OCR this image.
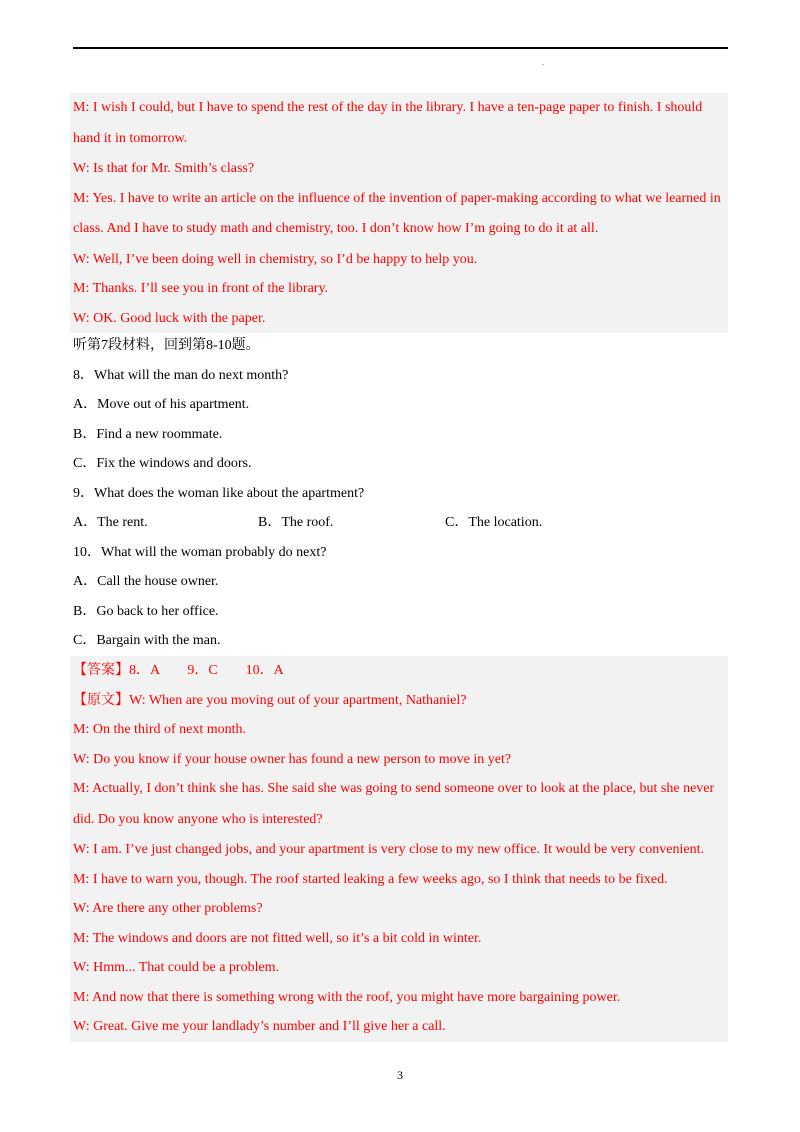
.
M: I wish I could, but I have to spend the rest of the day in the library. I have a ten-page paper to finish. I should hand it in tomorrow.
W: Is that for Mr. Smith’s class?
M: Yes. I have to write an article on the influence of the invention of paper-making according to what we learned in class. And I have to study math and chemistry, too. I don’t know how I’m going to do it at all.
W: Well, I’ve been doing well in chemistry, so I’d be happy to help you.
M: Thanks. I’ll see you in front of the library.
W: OK. Good luck with the paper.
听第7段材料，回到第8-10题。
8．What will the man do next month?
A．Move out of his apartment.
B．Find a new roommate.
C．Fix the windows and doors.
9．What does the woman like about the apartment?
A．The rent.	B．The roof.	C．The location.
10．What will the woman probably do next?
A．Call the house owner.
B．Go back to her office.
C．Bargain with the man.
【答案】8．A　　9．C　　10．A
【原文】W: When are you moving out of your apartment, Nathaniel?
M: On the third of next month.
W: Do you know if your house owner has found a new person to move in yet?
M: Actually, I don’t think she has. She said she was going to send someone over to look at the place, but she never did. Do you know anyone who is interested?
W: I am. I’ve just changed jobs, and your apartment is very close to my new office. It would be very convenient.
M: I have to warn you, though. The roof started leaking a few weeks ago, so I think that needs to be fixed.
W: Are there any other problems?
M: The windows and doors are not fitted well, so it’s a bit cold in winter.
W: Hmm... That could be a problem.
M: And now that there is something wrong with the roof, you might have more bargaining power.
W: Great. Give me your landlady’s number and I’ll give her a call.
3
